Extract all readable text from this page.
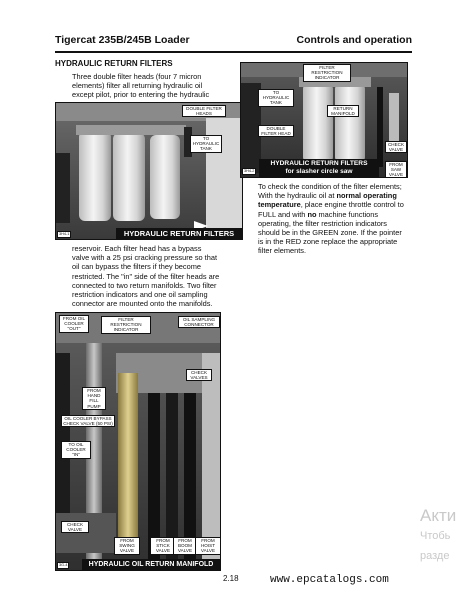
Tigercat 235B/245B Loader	Controls and operation
HYDRAULIC RETURN FILTERS
Three double filter heads (four 7 micron
elements) filter all returning hydraulic oil
except pilot, prior to entering the hydraulic
DOUBLE FILTER HEADS
TO HYDRAULIC TANK
HYDRAULIC RETURN FILTERS
3H4-1
reservoir. Each filter head has a bypass
valve with a 25 psi cracking pressure so that
oil can bypass the filters if they become
restricted. The "in" side of the filter heads are
connected to two return manifolds. Two filter
restriction indicators and one oil sampling
connector are mounted onto the manifolds.
FILTER RESTRICTION INDICATOR
TO HYDRAULIC TANK
RETURN MANIFOLD
DOUBLE FILTER HEAD
CHECK VALVE
FROM SAW VALVE
HYDRAULIC RETURN FILTERS
for slasher circle saw
3H4-2
To check the condition of the filter elements;
With the hydraulic oil at normal operating
temperature, place engine throttle control to
FULL and with no machine functions
operating, the filter restriction indicators
should be in the GREEN zone. If the pointer
is in the RED zone replace the appropriate
filter elements.
FROM OIL COOLER "OUT"
FILTER RESTRICTION INDICATOR
OIL SAMPLING CONNECTOR
CHECK VALVES
FROM HAND FILL PUMP
OIL COOLER BYPASS CHECK VALVE (50 PSI)
TO OIL COOLER "IN"
CHECK VALVE
FROM SWING VALVE
FROM STICK VALVE
FROM BOOM VALVE
FROM HOIST VALVE
HYDRAULIC OIL RETURN MANIFOLD
3G-4
2.18	www.epcatalogs.com
Акти
Чтобь
разде
